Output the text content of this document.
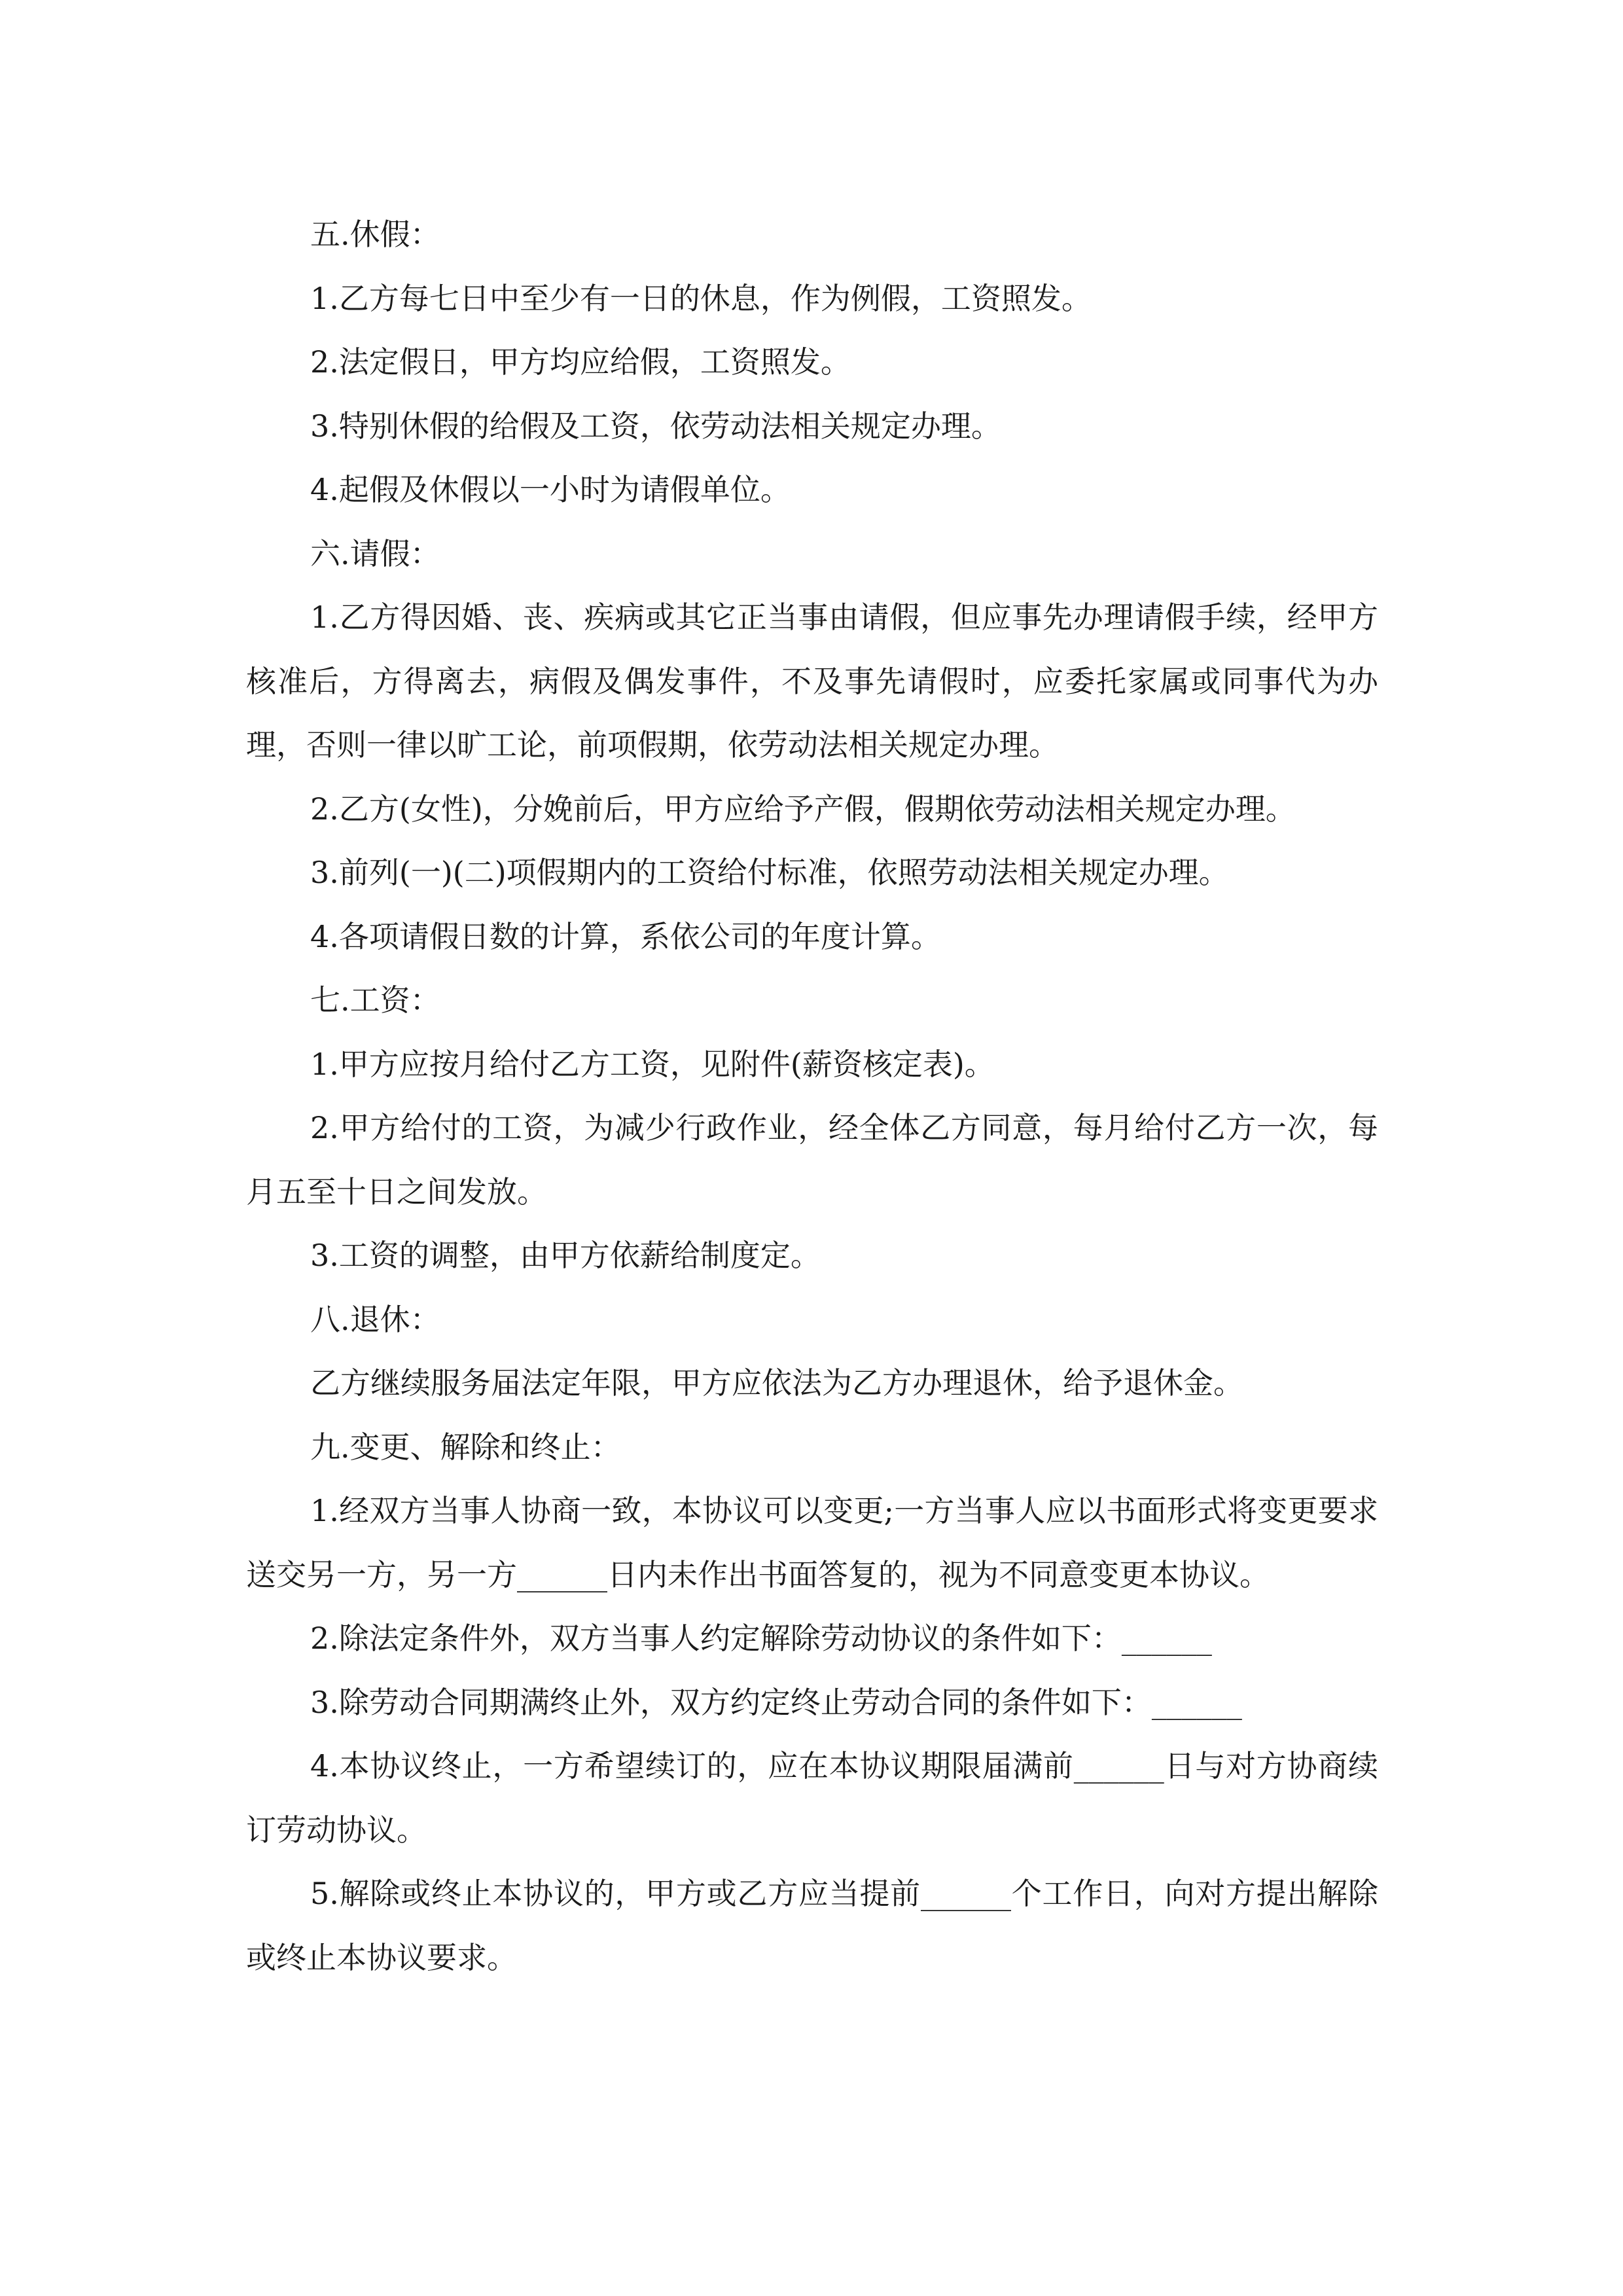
五.休假：

1.乙方每七日中至少有一日的休息，作为例假，工资照发。

2.法定假日，甲方均应给假，工资照发。

3.特别休假的给假及工资，依劳动法相关规定办理。

4.起假及休假以一小时为请假单位。

六.请假：

1.乙方得因婚、丧、疾病或其它正当事由请假，但应事先办理请假手续，经甲方核准后，方得离去，病假及偶发事件，不及事先请假时，应委托家属或同事代为办理，否则一律以旷工论，前项假期，依劳动法相关规定办理。

2.乙方(女性)，分娩前后，甲方应给予产假，假期依劳动法相关规定办理。

3.前列(一)(二)项假期内的工资给付标准，依照劳动法相关规定办理。

4.各项请假日数的计算，系依公司的年度计算。

七.工资：

1.甲方应按月给付乙方工资，见附件(薪资核定表)。

2.甲方给付的工资，为减少行政作业，经全体乙方同意，每月给付乙方一次，每月五至十日之间发放。

3.工资的调整，由甲方依薪给制度定。

八.退休：

乙方继续服务届法定年限，甲方应依法为乙方办理退休，给予退休金。

九.变更、解除和终止：

1.经双方当事人协商一致，本协议可以变更;一方当事人应以书面形式将变更要求送交另一方，另一方______日内未作出书面答复的，视为不同意变更本协议。

2.除法定条件外，双方当事人约定解除劳动协议的条件如下：______

3.除劳动合同期满终止外，双方约定终止劳动合同的条件如下：______

4.本协议终止，一方希望续订的，应在本协议期限届满前______日与对方协商续订劳动协议。

5.解除或终止本协议的，甲方或乙方应当提前______个工作日，向对方提出解除或终止本协议要求。
